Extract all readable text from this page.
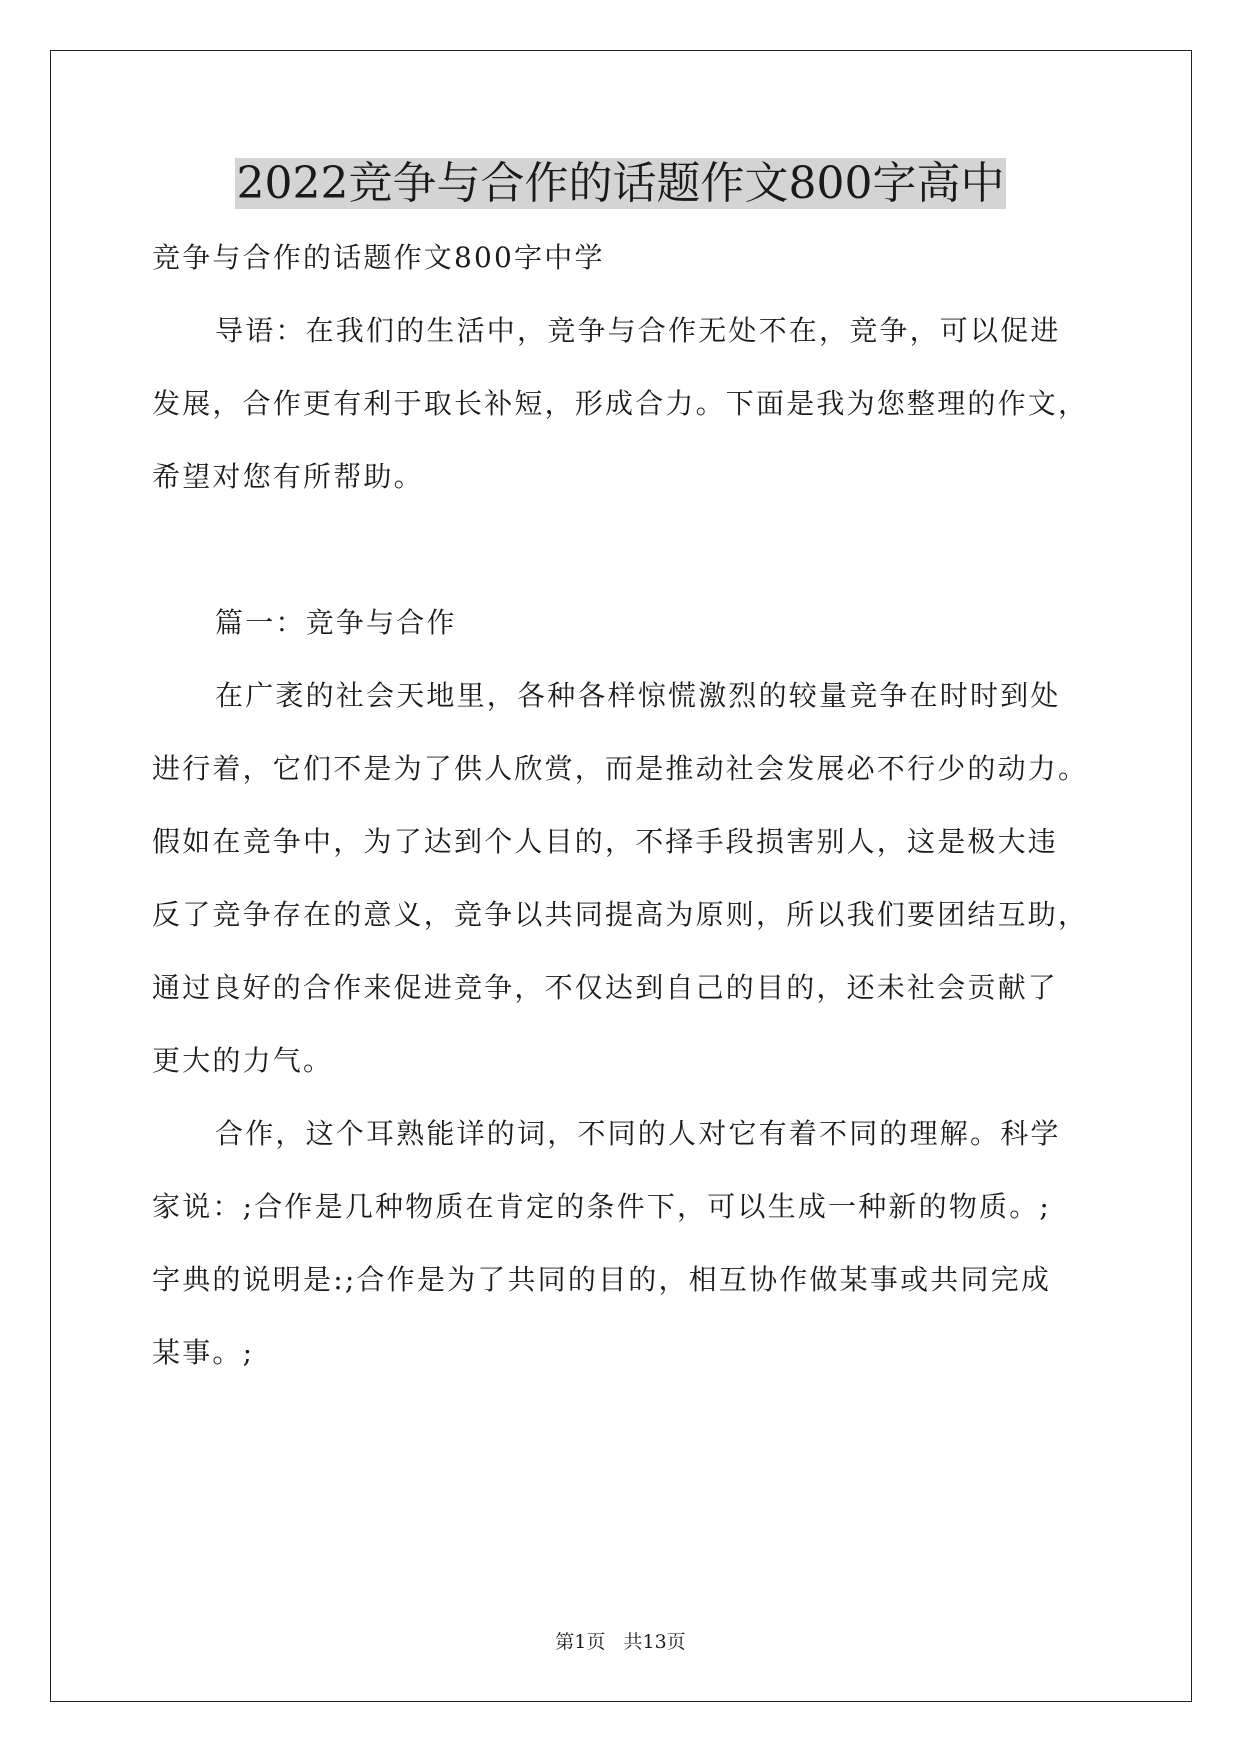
2022竞争与合作的话题作文800字高中
竞争与合作的话题作文800字中学
导语：在我们的生活中，竞争与合作无处不在，竞争，可以促进
发展，合作更有利于取长补短，形成合力。下面是我为您整理的作文，
希望对您有所帮助。
篇一：竞争与合作
在广袤的社会天地里，各种各样惊慌激烈的较量竞争在时时到处
进行着，它们不是为了供人欣赏，而是推动社会发展必不行少的动力。
假如在竞争中，为了达到个人目的，不择手段损害别人，这是极大违
反了竞争存在的意义，竞争以共同提高为原则，所以我们要团结互助，
通过良好的合作来促进竞争，不仅达到自己的目的，还未社会贡献了
更大的力气。
合作，这个耳熟能详的词，不同的人对它有着不同的理解。科学
家说：;合作是几种物质在肯定的条件下，可以生成一种新的物质。;
字典的说明是:;合作是为了共同的目的，相互协作做某事或共同完成
某事。;
第1页   共13页
